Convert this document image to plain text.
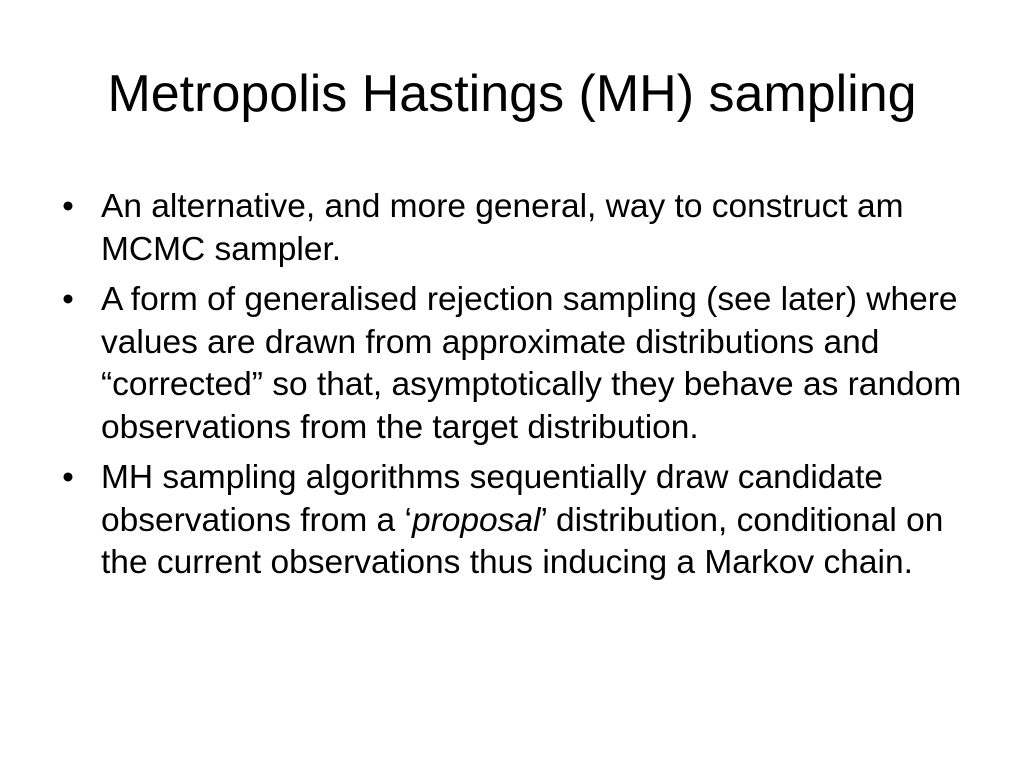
Metropolis Hastings (MH) sampling
• An alternative, and more general, way to construct am MCMC sampler.
• A form of generalised rejection sampling (see later) where values are drawn from approximate distributions and “corrected” so that, asymptotically they behave as random observations from the target distribution.
• MH sampling algorithms sequentially draw candidate observations from a ‘proposal’ distribution, conditional on the current observations thus inducing a Markov chain.
